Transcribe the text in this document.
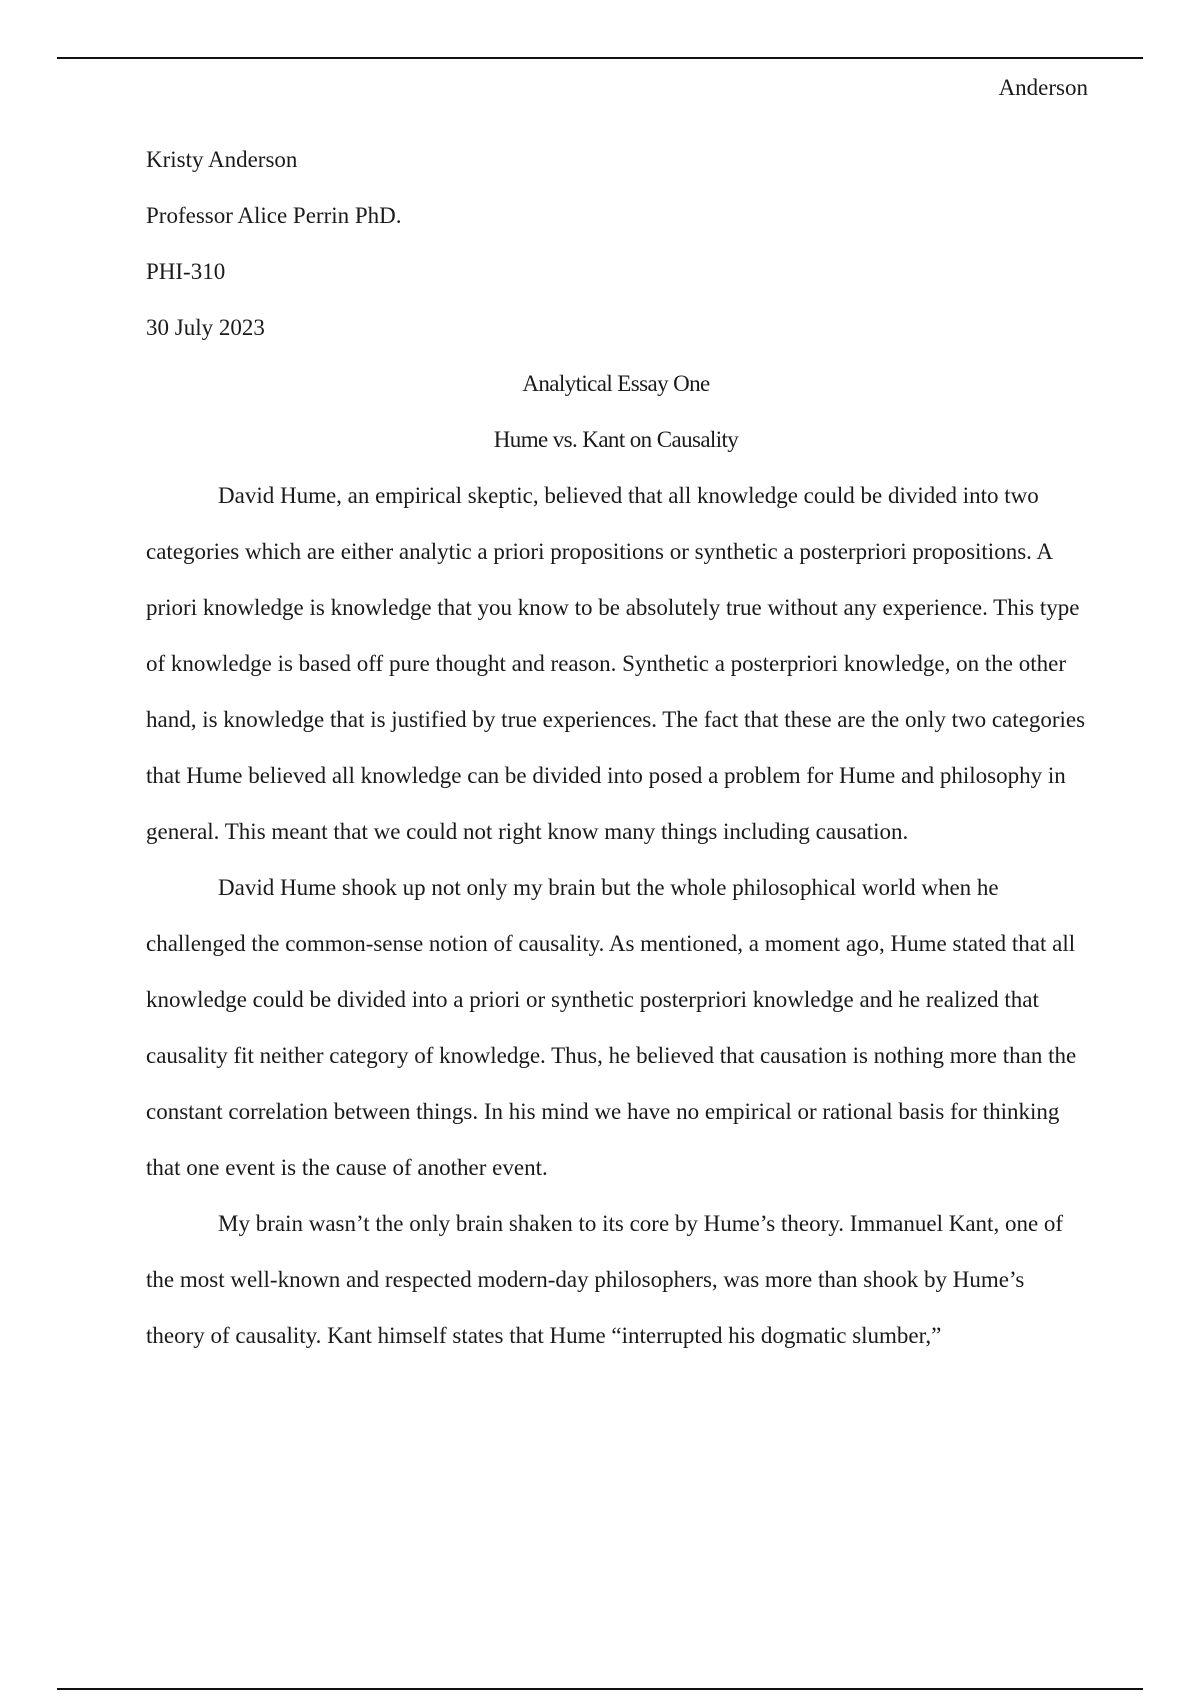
Anderson

Kristy Anderson

Professor Alice Perrin PhD.

PHI-310

30 July 2023

Analytical Essay One

Hume vs. Kant on Causality

David Hume, an empirical skeptic, believed that all knowledge could be divided into two categories which are either analytic a priori propositions or synthetic a posterpriori propositions. A priori knowledge is knowledge that you know to be absolutely true without any experience. This type of knowledge is based off pure thought and reason. Synthetic a posterpriori knowledge, on the other hand, is knowledge that is justified by true experiences. The fact that these are the only two categories that Hume believed all knowledge can be divided into posed a problem for Hume and philosophy in general. This meant that we could not right know many things including causation.

David Hume shook up not only my brain but the whole philosophical world when he challenged the common-sense notion of causality. As mentioned, a moment ago, Hume stated that all knowledge could be divided into a priori or synthetic posterpriori knowledge and he realized that causality fit neither category of knowledge. Thus, he believed that causation is nothing more than the constant correlation between things. In his mind we have no empirical or rational basis for thinking that one event is the cause of another event.

My brain wasn’t the only brain shaken to its core by Hume’s theory. Immanuel Kant, one of the most well-known and respected modern-day philosophers, was more than shook by Hume’s theory of causality. Kant himself states that Hume “interrupted his dogmatic slumber,”
